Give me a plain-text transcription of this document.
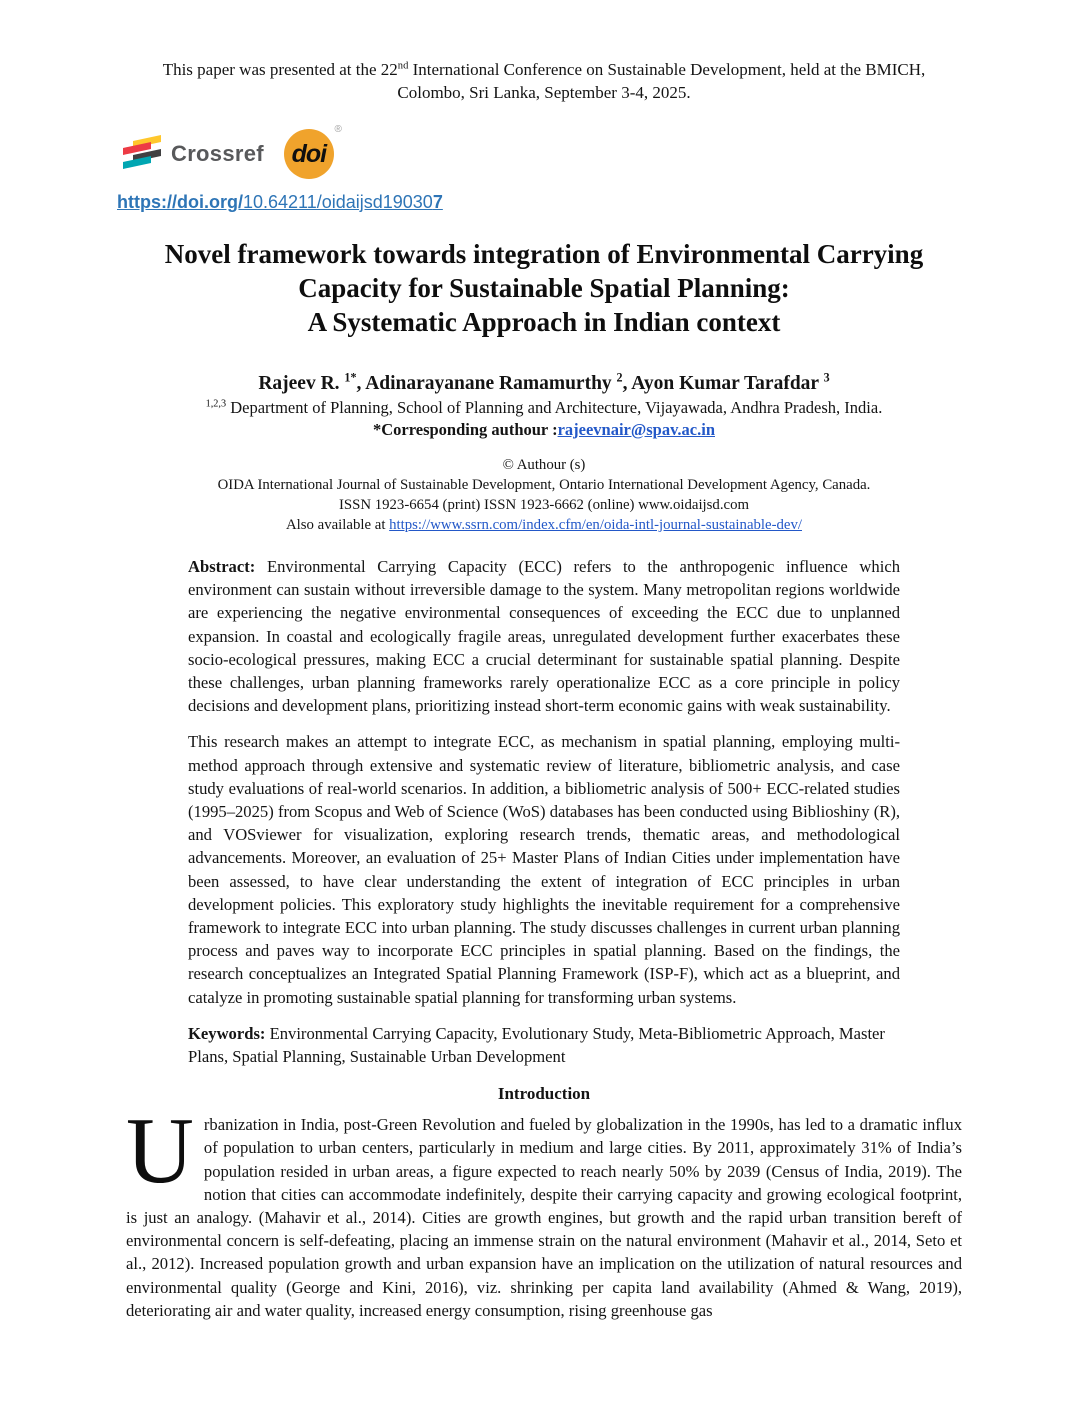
This paper was presented at the 22nd International Conference on Sustainable Development, held at the BMICH, Colombo, Sri Lanka, September 3-4, 2025.
Crossref doi
®
https://doi.org/10.64211/oidaijsd190307
Novel framework towards integration of Environmental Carrying
Capacity for Sustainable Spatial Planning:
A Systematic Approach in Indian context
Rajeev R. $^{1*}$, Adinarayanane Ramamurthy $^2$, Ayon Kumar Tarafdar $^3$
$^{1,2,3}$ Department of Planning, School of Planning and Architecture, Vijayawada, Andhra Pradesh, India.
*Corresponding authour :rajeevnair@spav.ac.in
© Authour (s)
OIDA International Journal of Sustainable Development, Ontario International Development Agency, Canada.
ISSN 1923-6654 (print) ISSN 1923-6662 (online) www.oidaijsd.com
Also available at https://www.ssrn.com/index.cfm/en/oida-intl-journal-sustainable-dev/
Abstract: Environmental Carrying Capacity (ECC) refers to the anthropogenic influence which environment can sustain without irreversible damage to the system. Many metropolitan regions worldwide are experiencing the negative environmental consequences of exceeding the ECC due to unplanned expansion. In coastal and ecologically fragile areas, unregulated development further exacerbates these socio-ecological pressures, making ECC a crucial determinant for sustainable spatial planning. Despite these challenges, urban planning frameworks rarely operationalize ECC as a core principle in policy decisions and development plans, prioritizing instead short-term economic gains with weak sustainability.
This research makes an attempt to integrate ECC, as mechanism in spatial planning, employing multi-method approach through extensive and systematic review of literature, bibliometric analysis, and case study evaluations of real-world scenarios. In addition, a bibliometric analysis of 500+ ECC-related studies (1995–2025) from Scopus and Web of Science (WoS) databases has been conducted using Biblioshiny (R), and VOSviewer for visualization, exploring research trends, thematic areas, and methodological advancements. Moreover, an evaluation of 25+ Master Plans of Indian Cities under implementation have been assessed, to have clear understanding the extent of integration of ECC principles in urban development policies. This exploratory study highlights the inevitable requirement for a comprehensive framework to integrate ECC into urban planning. The study discusses challenges in current urban planning process and paves way to incorporate ECC principles in spatial planning. Based on the findings, the research conceptualizes an Integrated Spatial Planning Framework (ISP-F), which act as a blueprint, and catalyze in promoting sustainable spatial planning for transforming urban systems.
Keywords: Environmental Carrying Capacity, Evolutionary Study, Meta-Bibliometric Approach, Master Plans, Spatial Planning, Sustainable Urban Development
Introduction
Urbanization in India, post-Green Revolution and fueled by globalization in the 1990s, has led to a dramatic influx of population to urban centers, particularly in medium and large cities. By 2011, approximately 31% of India’s population resided in urban areas, a figure expected to reach nearly 50% by 2039 (Census of India, 2019). The notion that cities can accommodate indefinitely, despite their carrying capacity and growing ecological footprint, is just an analogy. (Mahavir et al., 2014). Cities are growth engines, but growth and the rapid urban transition bereft of environmental concern is self-defeating, placing an immense strain on the natural environment (Mahavir et al., 2014, Seto et al., 2012). Increased population growth and urban expansion have an implication on the utilization of natural resources and environmental quality (George and Kini, 2016), viz. shrinking per capita land availability (Ahmed & Wang, 2019), deteriorating air and water quality, increased energy consumption, rising greenhouse gas
